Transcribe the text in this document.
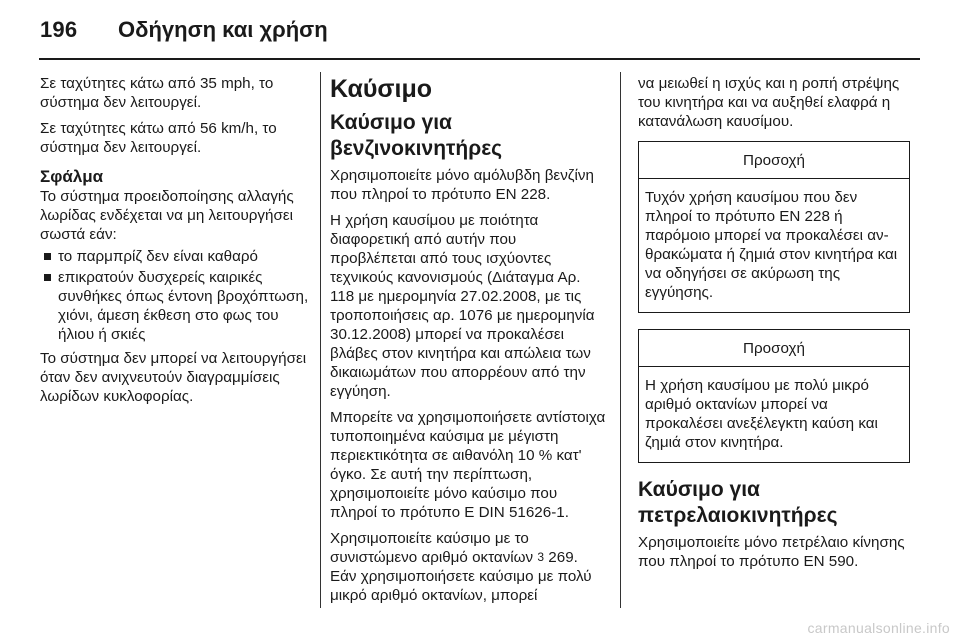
196 Οδήγηση και χρήση

Σε ταχύτητες κάτω από 35 mph, το σύστημα δεν λειτουργεί.

Σε ταχύτητες κάτω από 56 km/h, το σύστημα δεν λειτουργεί.

Σφάλμα

Το σύστημα προειδοποίησης αλλαγής λωρίδας ενδέχεται να μη λειτουργήσει σωστά εάν:

το παρμπρίζ δεν είναι καθαρό
επικρατούν δυσχερείς καιρικές συνθήκες όπως έντονη βροχόπτωση, χιόνι, άμεση έκθεση στο φως του ήλιου ή σκιές

Το σύστημα δεν μπορεί να λειτουργήσει όταν δεν ανιχνευτούν διαγραμμίσεις λωρίδων κυκλοφορίας.

Καύσιμο
Καύσιμο για βενζινοκινητήρες

Χρησιμοποιείτε μόνο αμόλυβδη βενζίνη που πληροί το πρότυπο EN 228.

Η χρήση καυσίμου με ποιότητα διαφορετική από αυτήν που προβλέπεται από τους ισχύοντες τεχνικούς κανονισμούς (Διάταγμα Αρ. 118 με ημερομηνία 27.02.2008, με τις τροποποιήσεις αρ. 1076 με ημερομηνία 30.12.2008) μπορεί να προκαλέσει βλάβες στον κινητήρα και απώλεια των δικαιωμάτων που απορρέουν από την εγγύηση.

Μπορείτε να χρησιμοποιήσετε αντίστοιχα τυποποιημένα καύσιμα με μέγιστη περιεκτικότητα σε αιθανόλη 10 % κατ' όγκο. Σε αυτή την περίπτωση, χρησιμοποιείτε μόνο καύσιμο που πληροί το πρότυπο E DIN 51626-1.

Χρησιμοποιείτε καύσιμο με το συνιστώμενο αριθμό οκτανίων 3 269.

Εάν χρησιμοποιήσετε καύσιμο με πολύ μικρό αριθμό οκτανίων, μπορεί

να μειωθεί η ισχύς και η ροπή στρέψης του κινητήρα και να αυξηθεί ελαφρά η κατανάλωση καυσίμου.

Προσοχή
Τυχόν χρήση καυσίμου που δεν πληροί το πρότυπο EN 228 ή παρόμοιο μπορεί να προκαλέσει αν-θρακώματα ή ζημιά στον κινητήρα και να οδηγήσει σε ακύρωση της εγγύησης.
Προσοχή
Η χρήση καυσίμου με πολύ μικρό αριθμό οκτανίων μπορεί να προκαλέσει ανεξέλεγκτη καύση και ζημιά στον κινητήρα.
Καύσιμο για πετρελαιοκινητήρες

Χρησιμοποιείτε μόνο πετρέλαιο κίνησης που πληροί το πρότυπο EN 590.

carmanualsonline.info
